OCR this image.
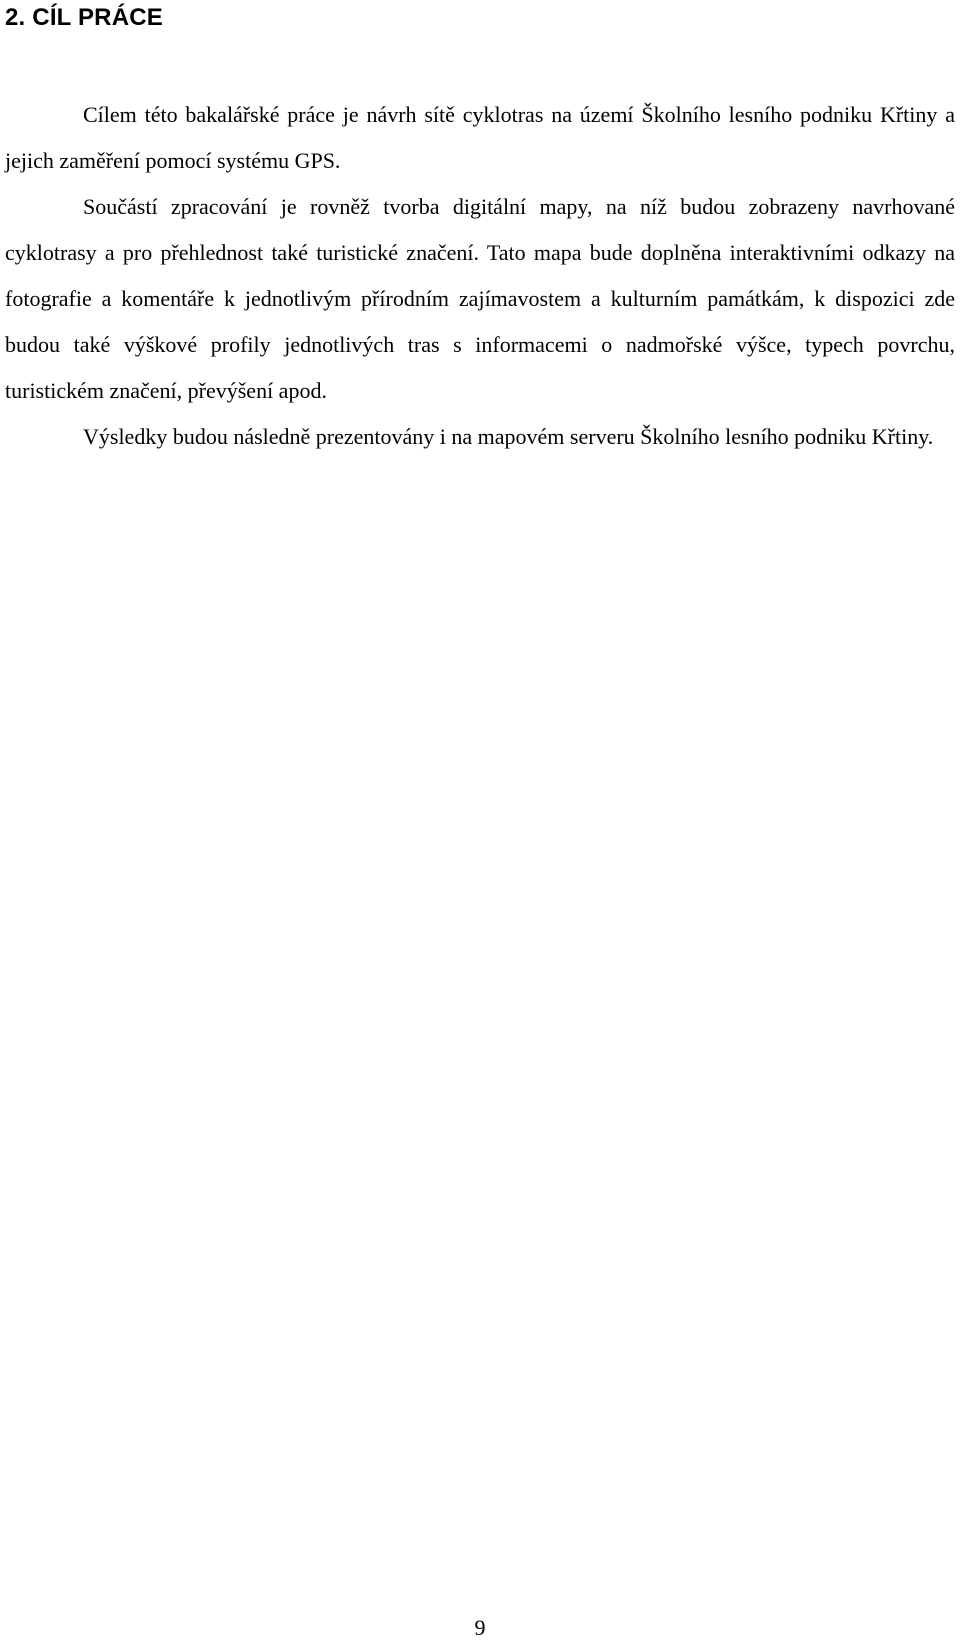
2. CÍL PRÁCE

Cílem této bakalářské práce je návrh sítě cyklotras na území Školního lesního podniku Křtiny a jejich zaměření pomocí systému GPS.

Součástí zpracování je rovněž tvorba digitální mapy, na níž budou zobrazeny navrhované cyklotrasy a pro přehlednost také turistické značení. Tato mapa bude doplněna interaktivními odkazy na fotografie a komentáře k jednotlivým přírodním zajímavostem a kulturním památkám, k dispozici zde budou také výškové profily jednotlivých tras s informacemi o nadmořské výšce, typech povrchu, turistickém značení, převýšení apod.

Výsledky budou následně prezentovány i na mapovém serveru Školního lesního podniku Křtiny.

9
